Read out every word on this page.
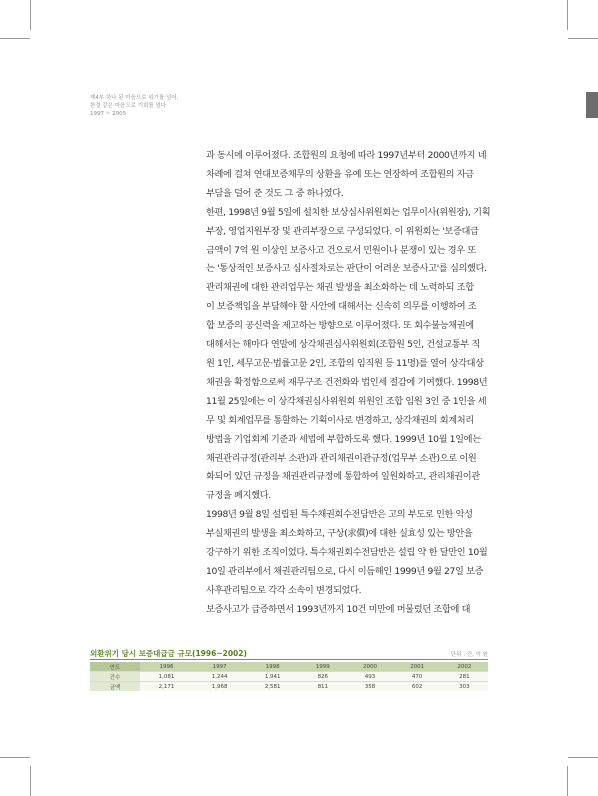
제4부 하나 된 마음으로 위기를 넘어,
한결 같은 마음으로 기회를 열다
1997 ~ 2005
과 동시에 이루어졌다. 조합원의 요청에 따라 1997년부터 2000년까지 네
차례에 걸쳐 연대보증채무의 상환을 유예 또는 연장하여 조합원의 자금
부담을 덜어 준 것도 그 중 하나였다.
한편, 1998년 9월 5일에 설치한 보상심사위원회는 업무이사(위원장), 기획
부장, 영업지원부장 및 관리부장으로 구성되었다. 이 위원회는 '보증대급
금액이 7억 원 이상인 보증사고 건으로서 민원이나 분쟁이 있는 경우 또
는 '통상적인 보증사고 심사절차로는 판단이 어려운 보증사고'를 심의했다.
관리채권에 대한 관리업무는 채권 발생을 최소화하는 데 노력하되 조합
이 보증책임을 부담해야 할 사안에 대해서는 신속히 의무를 이행하여 조
합 보증의 공신력을 제고하는 방향으로 이루어졌다. 또 회수불능채권에
대해서는 해마다 연말에 상각채권심사위원회(조합원 5인, 건설교통부 직
원 1인, 세무고문·법률고문 2인, 조합의 임직원 등 11명)를 열어 상각대상
채권을 확정함으로써 재무구조 건전화와 법인세 절감에 기여했다. 1998년
11월 25일에는 이 상각채권심사위원회 위원인 조합 임원 3인 중 1인을 세
무 및 회계업무를 통할하는 기획이사로 변경하고, 상각채권의 회계처리
방법을 기업회계 기준과 세법에 부합하도록 했다. 1999년 10월 1일에는
채권관리규정(관리부 소관)과 관리채권이관규정(업무부 소관)으로 이원
화되어 있던 규정을 채권관리규정에 통합하여 일원화하고, 관리채권이관
규정을 폐지했다.
1998년 9월 8일 설립된 특수채권회수전담반은 고의 부도로 인한 악성
부실채권의 발생을 최소화하고, 구상(求償)에 대한 실효성 있는 방안을
강구하기 위한 조직이었다. 특수채권회수전담반은 설립 약 한 달만인 10월
10일 관리부에서 채권관리팀으로, 다시 이듬해인 1999년 9월 27일 보증
사후관리팀으로 각각 소속이 변경되었다.
보증사고가 급증하면서 1993년까지 10건 미만에 머물렀던 조합에 대
외환위기 당시 보증대급금 규모(1996~2002)	단위 : 건, 억 원
연도	1996	1997	1998	1999	2000	2001	2002
건수	1,081	1,244	1,941	826	493	470	281
금액	2,171	1,968	2,581	811	358	602	303
